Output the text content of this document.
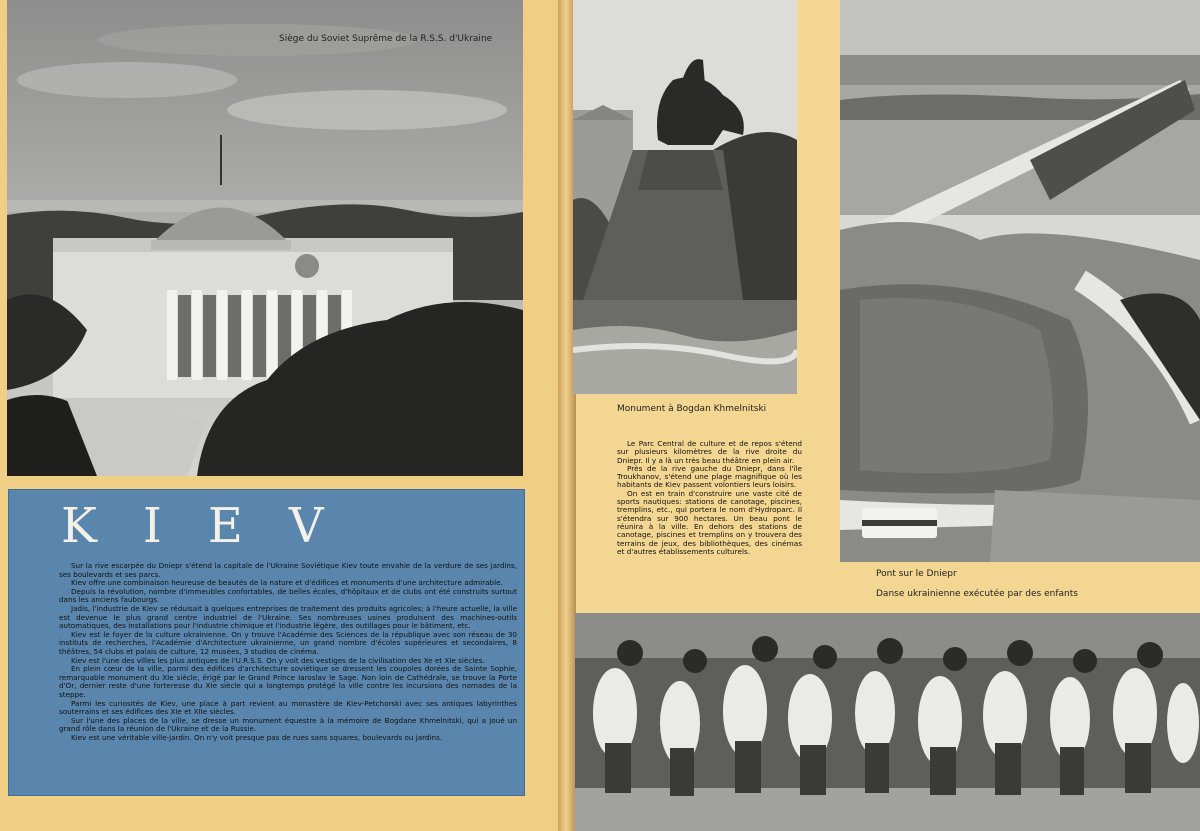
Siège du Soviet Suprême de la R.S.S. d'Ukraine
KIEV

Sur la rive escarpée du Dniepr s'étend la capitale de l'Ukraine Soviétique Kiev toute envahie de la verdure de ses jardins, ses boulevards et ses parcs.

Kiev offre une combinaison heureuse de beautés de la nature et d'édifices et monuments d'une architecture admirable.

Depuis la révolution, nombre d'immeubles confortables, de belles écoles, d'hôpitaux et de clubs ont été construits surtout dans les anciens faubourgs.

Jadis, l'industrie de Kiev se réduisait à quelques entreprises de traitement des produits agricoles; à l'heure actuelle, la ville est devenue le plus grand centre industriel de l'Ukraine. Ses nombreuses usines produisent des machines-outils automatiques, des installations pour l'industrie chimique et l'industrie légère, des outillages pour le bâtiment, etc.

Kiev est le foyer de la culture ukrainienne. On y trouve l'Académie des Sciences de la république avec son réseau de 30 instituts de recherches, l'Académie d'Architecture ukrainienne, un grand nombre d'écoles supérieures et secondaires, 8 théâtres, 54 clubs et palais de culture, 12 musées, 3 studios de cinéma.

Kiev est l'une des villes les plus antiques de l'U.R.S.S. On y voit des vestiges de la civilisation des Xe et XIe siècles.

En plein cœur de la ville, parmi des édifices d'architecture soviétique se dressent les coupoles dorées de Sainte Sophie, remarquable monument du XIe siècle, érigé par le Grand Prince Iaroslav le Sage. Non loin de Cathédrale, se trouve la Porte d'Or, dernier reste d'une forteresse du XIe siècle qui a longtemps protégé la ville contre les incursions des nomades de la steppe.

Parmi les curiosités de Kiev, une place à part revient au monastère de Kiev-Petchorski avec ses antiques labyrinthes souterrains et ses édifices des XIe et XIIe siècles.

Sur l'une des places de la ville, se dresse un monument équestre à la mémoire de Bogdane Khmelnitski, qui a joué un grand rôle dans la réunion de l'Ukraine et de la Russie.

Kiev est une véritable ville-jardin. On n'y voit presque pas de rues sans squares, boulevards ou jardins.

Monument à Bogdan Khmelnitski

Le Parc Central de culture et de repos s'étend sur plusieurs kilomètres de la rive droite du Dniepr. Il y a là un très beau théâtre en plein air.

Près de la rive gauche du Dniepr, dans l'île Troukhanov, s'étend une plage magnifique où les habitants de Kiev passent volontiers leurs loisirs.

On est en train d'construire une vaste cité de sports nautiques: stations de canotage, piscines, tremplins, etc., qui portera le nom d'Hydroparc. Il s'étendra sur 900 hectares. Un beau pont le réunira à la ville. En dehors des stations de canotage, piscines et tremplins on y trouvera des terrains de jeux, des bibliothèques, des cinémas et d'autres établissements culturels.

Pont sur le Dniepr
Danse ukrainienne exécutée par des enfants
